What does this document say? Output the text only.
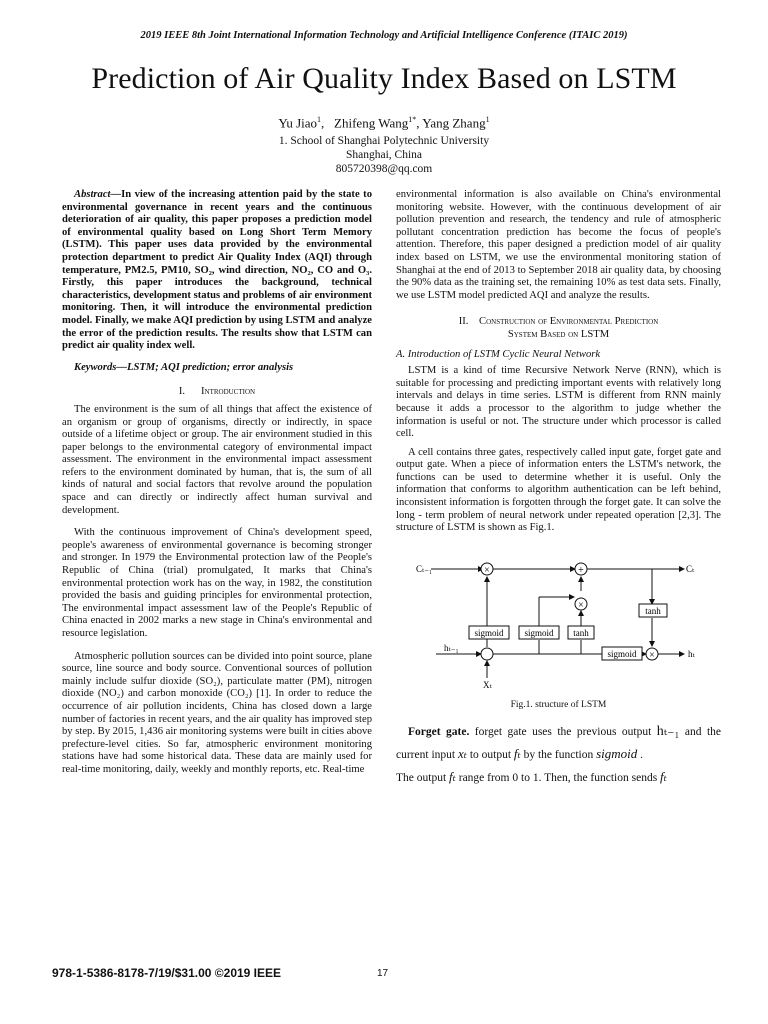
2019 IEEE 8th Joint International Information Technology and Artificial Intelligence Conference (ITAIC 2019)
Prediction of Air Quality Index Based on LSTM
Yu Jiao$^1$,   Zhifeng Wang$^{1*}$, Yang Zhang$^1$
1. School of Shanghai Polytechnic University
Shanghai, China
805720398@qq.com

Abstract—In view of the increasing attention paid by the state to environmental governance in recent years and the continuous deterioration of air quality, this paper proposes a prediction model of environmental quality based on Long Short Term Memory (LSTM). This paper uses data provided by the environmental protection department to predict Air Quality Index (AQI) through temperature, PM2.5, PM10, SO₂, wind direction, NO₂, CO and O₃. Firstly, this paper introduces the background, technical characteristics, development status and problems of air environment monitoring. Then, it will introduce the environmental prediction model. Finally, we make AQI prediction by using LSTM and analyze the error of the prediction results. The results show that LSTM can predict air quality index well.

Keywords—LSTM; AQI prediction; error analysis

I. Introduction

The environment is the sum of all things that affect the existence of an organism or group of organisms, directly or indirectly, in space outside of a lifetime object or group. The air environment studied in this paper belongs to the environmental category of environmental impact assessment. The environment in the environmental impact assessment refers to the environment dominated by human, that is, the sum of all kinds of natural and social factors that revolve around the population space and can directly or indirectly affect human survival and development.

With the continuous improvement of China's development speed, people's awareness of environmental governance is becoming stronger and stronger. In 1979 the Environmental protection law of the People's Republic of China (trial) promulgated, It marks that China's environmental protection work has on the way, in 1982, the constitution provided the basis and guiding principles for environmental protection, The environmental impact assessment law of the People's Republic of China enacted in 2002 marks a new stage in China's environmental and resource legislation.

Atmospheric pollution sources can be divided into point source, plane source, line source and body source. Conventional sources of pollution mainly include sulfur dioxide (SO₂), particulate matter (PM), nitrogen dioxide (NO₂) and carbon monoxide (CO₂) [1]. In order to reduce the occurrence of air pollution incidents, China has closed down a large number of factories in recent years, and the air quality has improved step by step. By 2015, 1,436 air monitoring systems were built in cities above prefecture-level cities. So far, atmospheric environment monitoring stations have had some historical data. These data are mainly used for real-time monitoring, daily, weekly and monthly reports, etc. Real-time

environmental information is also available on China's environmental monitoring website. However, with the continuous development of air pollution prevention and research, the tendency and rule of atmospheric pollutant concentration prediction has become the focus of people's attention. Therefore, this paper designed a prediction model of air quality index based on LSTM, we use the environmental monitoring station of Shanghai at the end of 2013 to September 2018 air quality data, by choosing the 90% data as the training set, the remaining 10% as test data sets. Finally, we use LSTM model predicted AQI and analyze the results.

II. Construction of Environmental Prediction

System Based on LSTM

A. Introduction of LSTM Cyclic Neural Network

LSTM is a kind of time Recursive Network Nerve (RNN), which is suitable for processing and predicting important events with relatively long intervals and delays in time series. LSTM is different from RNN mainly because it adds a processor to the algorithm to judge whether the information is useful or not. The structure under which processor is called cell.

A cell contains three gates, respectively called input gate, forget gate and output gate. When a piece of information enters the LSTM's network, the functions can be used to determine whether it is useful. Only the information that conforms to algorithm authentication can be left behind, inconsistent information is forgotten through the forget gate. It can solve the long - term problem of neural network under repeated operation [2,3]. The structure of LSTM is shown as Fig.1.

×	+
×
×
sigmoid sigmoid tanh
tanh
sigmoid
Cₜ₋₁	Cₜ
hₜ₋₁
hₜ
Xₜ

Fig.1. structure of LSTM

Forget gate. forget gate uses the previous output hₜ₋₁ and the current input xₜ to output fₜ by the function sigmoid .
The output fₜ range from 0 to 1. Then, the function sends fₜ

978-1-5386-8178-7/19/$31.00 ©2019 IEEE	17
